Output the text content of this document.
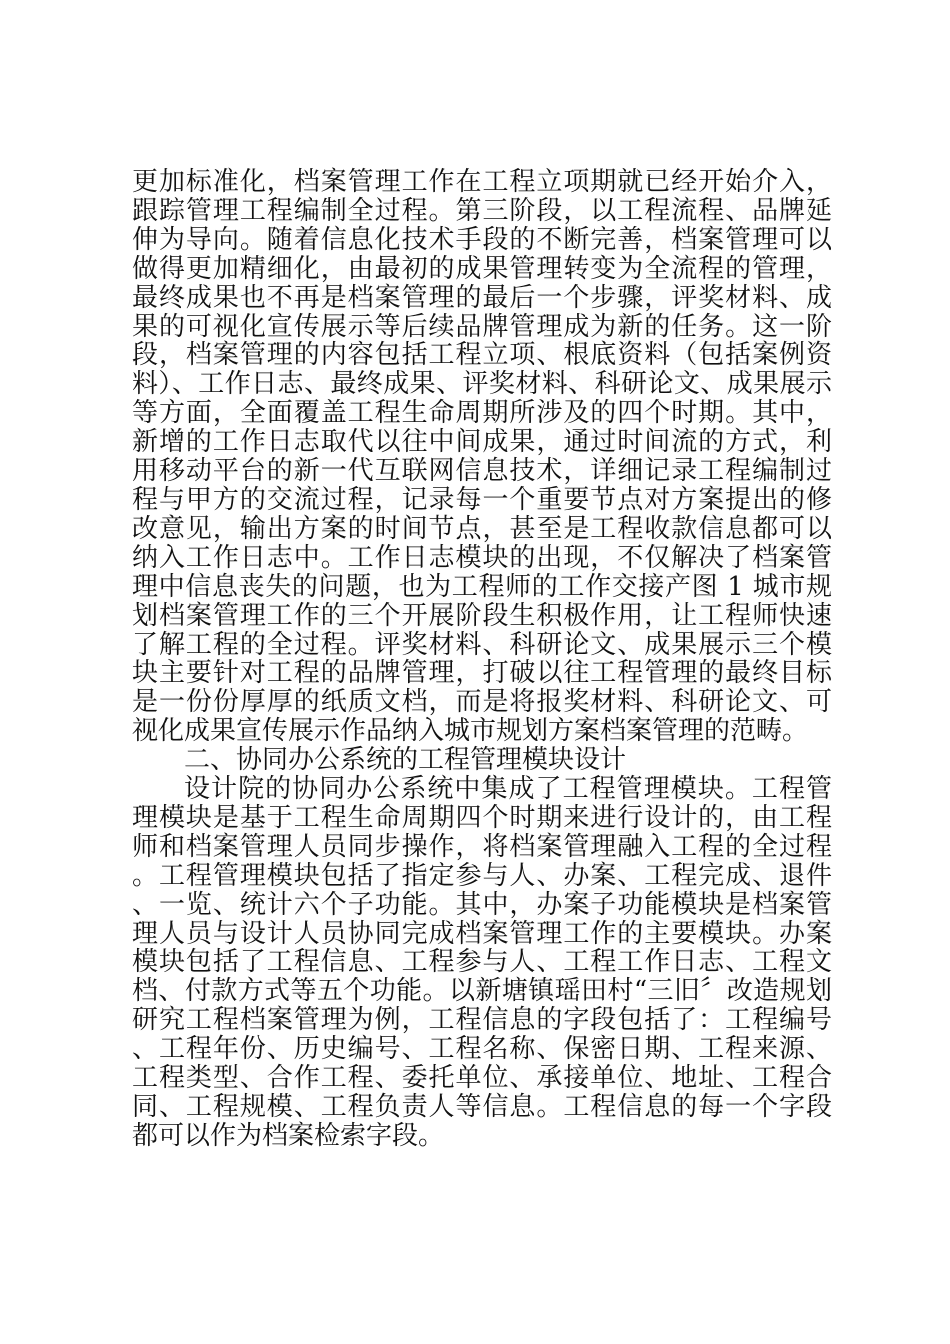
更加标准化，档案管理工作在工程立项期就已经开始介入，跟踪管理工程编制全过程。第三阶段，以工程流程、品牌延伸为导向。随着信息化技术手段的不断完善，档案管理可以做得更加精细化，由最初的成果管理转变为全流程的管理，最终成果也不再是档案管理的最后一个步骤，评奖材料、成果的可视化宣传展示等后续品牌管理成为新的任务。这一阶段，档案管理的内容包括工程立项、根底资料（包括案例资料）、工作日志、最终成果、评奖材料、科研论文、成果展示等方面，全面覆盖工程生命周期所涉及的四个时期。其中，新增的工作日志取代以往中间成果，通过时间流的方式，利用移动平台的新一代互联网信息技术，详细记录工程编制过程与甲方的交流过程，记录每一个重要节点对方案提出的修改意见，输出方案的时间节点，甚至是工程收款信息都可以纳入工作日志中。工作日志模块的出现，不仅解决了档案管理中信息丧失的问题，也为工程师的工作交接产图 1 城市规划档案管理工作的三个开展阶段生积极作用，让工程师快速了解工程的全过程。评奖材料、科研论文、成果展示三个模块主要针对工程的品牌管理，打破以往工程管理的最终目标是一份份厚厚的纸质文档，而是将报奖材料、科研论文、可视化成果宣传展示作品纳入城市规划方案档案管理的范畴。

二、协同办公系统的工程管理模块设计

设计院的协同办公系统中集成了工程管理模块。工程管理模块是基于工程生命周期四个时期来进行设计的，由工程师和档案管理人员同步操作，将档案管理融入工程的全过程。工程管理模块包括了指定参与人、办案、工程完成、退件、一览、统计六个子功能。其中，办案子功能模块是档案管理人员与设计人员协同完成档案管理工作的主要模块。办案模块包括了工程信息、工程参与人、工程工作日志、工程文档、付款方式等五个功能。以新塘镇瑶田村“三旧〞改造规划研究工程档案管理为例，工程信息的字段包括了：工程编号、工程年份、历史编号、工程名称、保密日期、工程来源、工程类型、合作工程、委托单位、承接单位、地址、工程合同、工程规模、工程负责人等信息。工程信息的每一个字段都可以作为档案检索字段。
